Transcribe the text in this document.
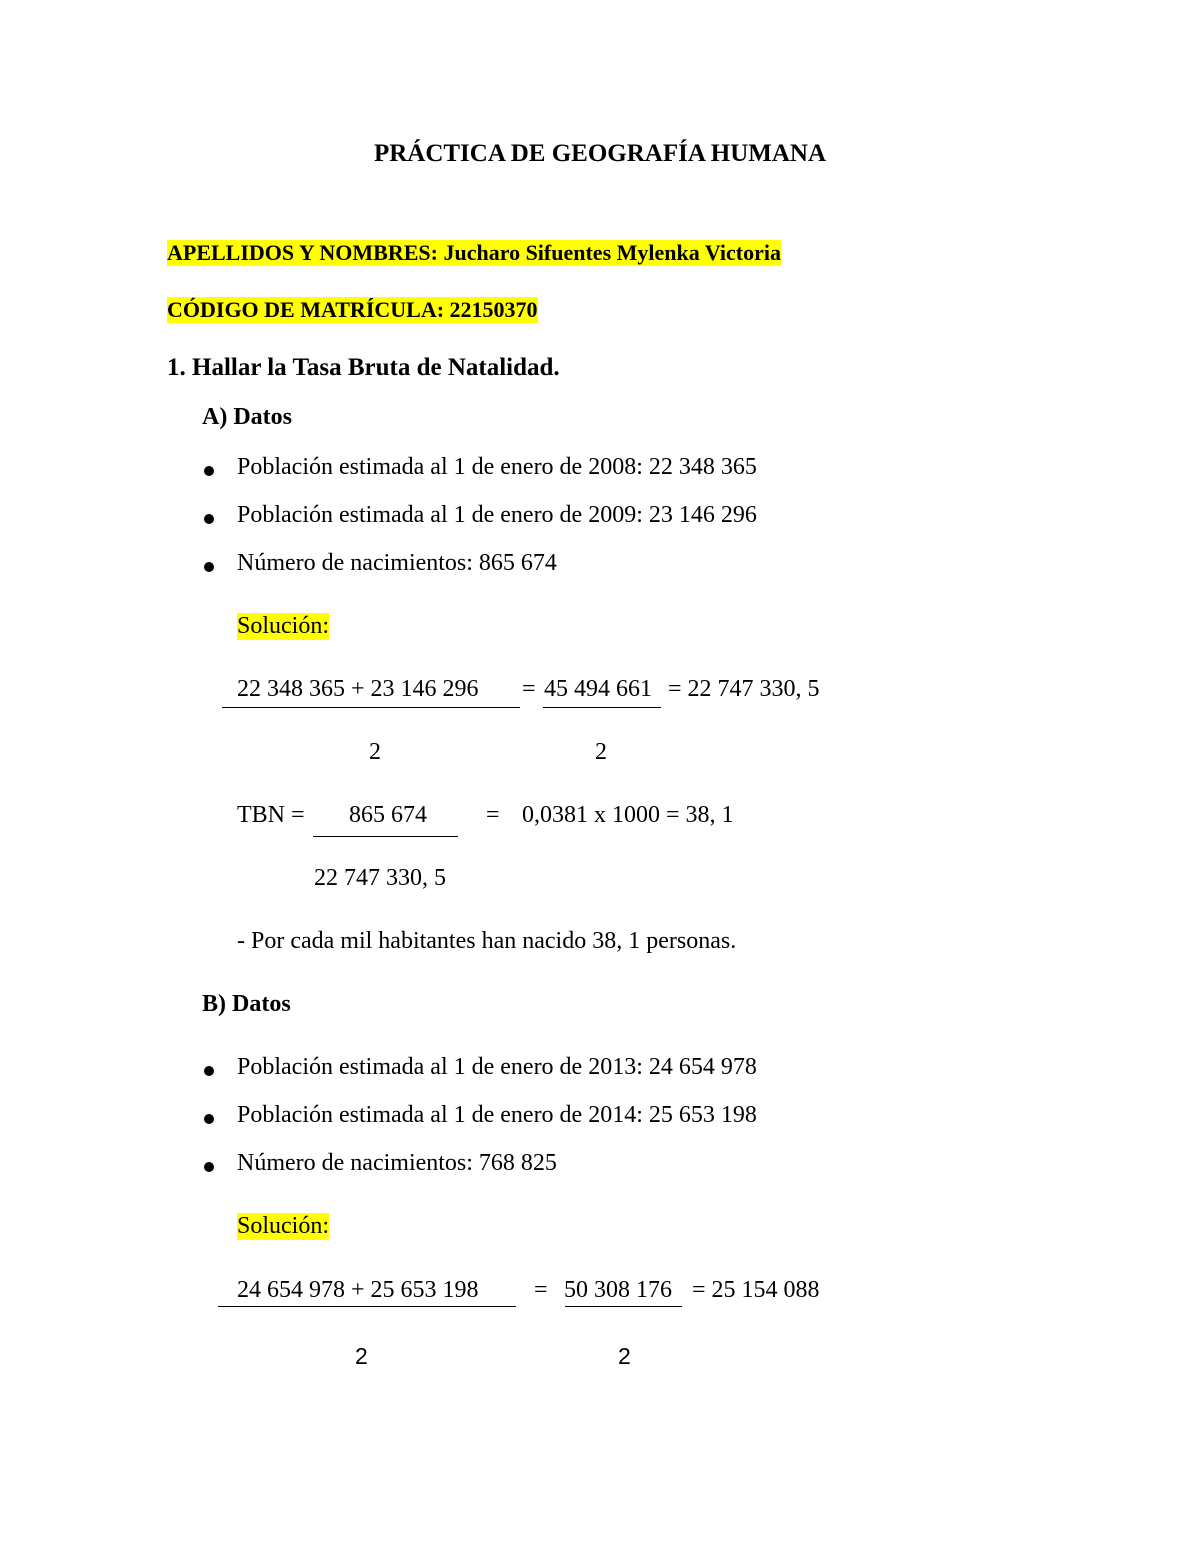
PRÁCTICA DE GEOGRAFÍA HUMANA
APELLIDOS Y NOMBRES: Jucharo Sifuentes Mylenka Victoria
CÓDIGO DE MATRÍCULA: 22150370
1. Hallar la Tasa Bruta de Natalidad.
A) Datos
Población estimada al 1 de enero de 2008: 22 348 365
Población estimada al 1 de enero de 2009: 23 146 296
Número de nacimientos: 865 674
Solución:
22 348 365 + 23 146 296 = 45 494 661 = 22 747 330, 5
2	2
TBN = 865 674 = 0,0381 x 1000 = 38, 1
22 747 330, 5
- Por cada mil habitantes han nacido 38, 1 personas.
B) Datos
Población estimada al 1 de enero de 2013: 24 654 978
Población estimada al 1 de enero de 2014: 25 653 198
Número de nacimientos: 768 825
Solución:
24 654 978 + 25 653 198 = 50 308 176 = 25 154 088
2	2
